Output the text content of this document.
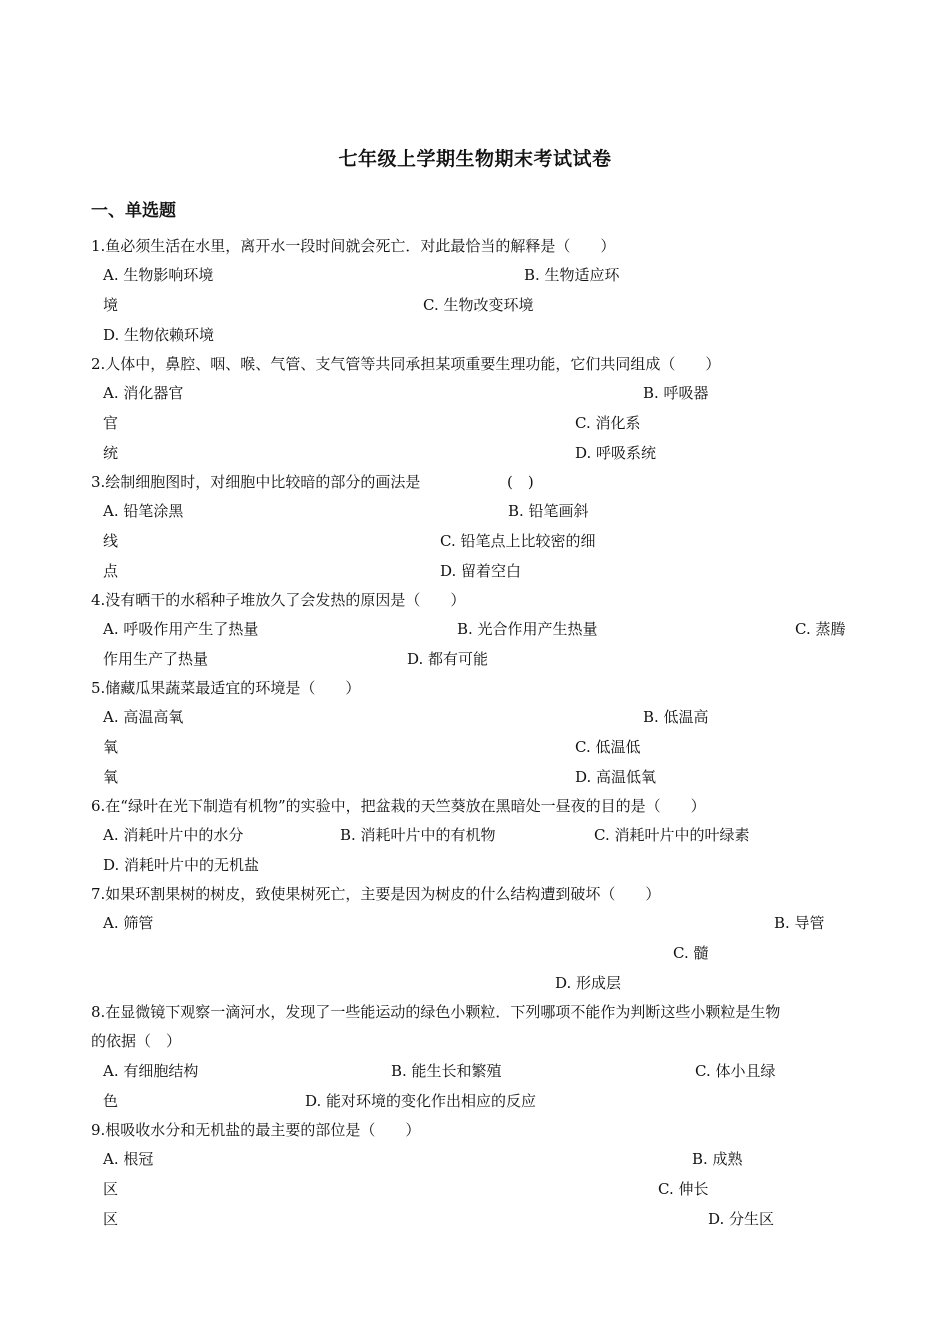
七年级上学期生物期末考试试卷
一、单选题
1.鱼必须生活在水里，离开水一段时间就会死亡．对此最恰当的解释是（　　）
A. 生物影响环境	B. 生物适应环
境	C. 生物改变环境
D. 生物依赖环境
2.人体中，鼻腔、咽、喉、气管、支气管等共同承担某项重要生理功能，它们共同组成（　　）
A. 消化器官	B. 呼吸器
官	C. 消化系
统	D. 呼吸系统
3.绘制细胞图时，对细胞中比较暗的部分的画法是	(　)
A. 铅笔涂黑	B. 铅笔画斜
线	C. 铅笔点上比较密的细
点	D. 留着空白
4.没有晒干的水稻种子堆放久了会发热的原因是（　　）
A. 呼吸作用产生了热量	B. 光合作用产生热量	C. 蒸腾
作用生产了热量	D. 都有可能
5.储藏瓜果蔬菜最适宜的环境是（　　）
A. 高温高氧	B. 低温高
氧	C. 低温低
氧	D. 高温低氧
6.在“绿叶在光下制造有机物”的实验中，把盆栽的天竺葵放在黑暗处一昼夜的目的是（　　）
A. 消耗叶片中的水分	B. 消耗叶片中的有机物	C. 消耗叶片中的叶绿素
D. 消耗叶片中的无机盐
7.如果环割果树的树皮，致使果树死亡，主要是因为树皮的什么结构遭到破坏（　　）
A. 筛管	B. 导管
C. 髓
D. 形成层
8.在显微镜下观察一滴河水，发现了一些能运动的绿色小颗粒．下列哪项不能作为判断这些小颗粒是生物
的依据（　）
A. 有细胞结构	B. 能生长和繁殖	C. 体小且绿
色	D. 能对环境的变化作出相应的反应
9.根吸收水分和无机盐的最主要的部位是（　　）
A. 根冠	B. 成熟
区	C. 伸长
区	D. 分生区
